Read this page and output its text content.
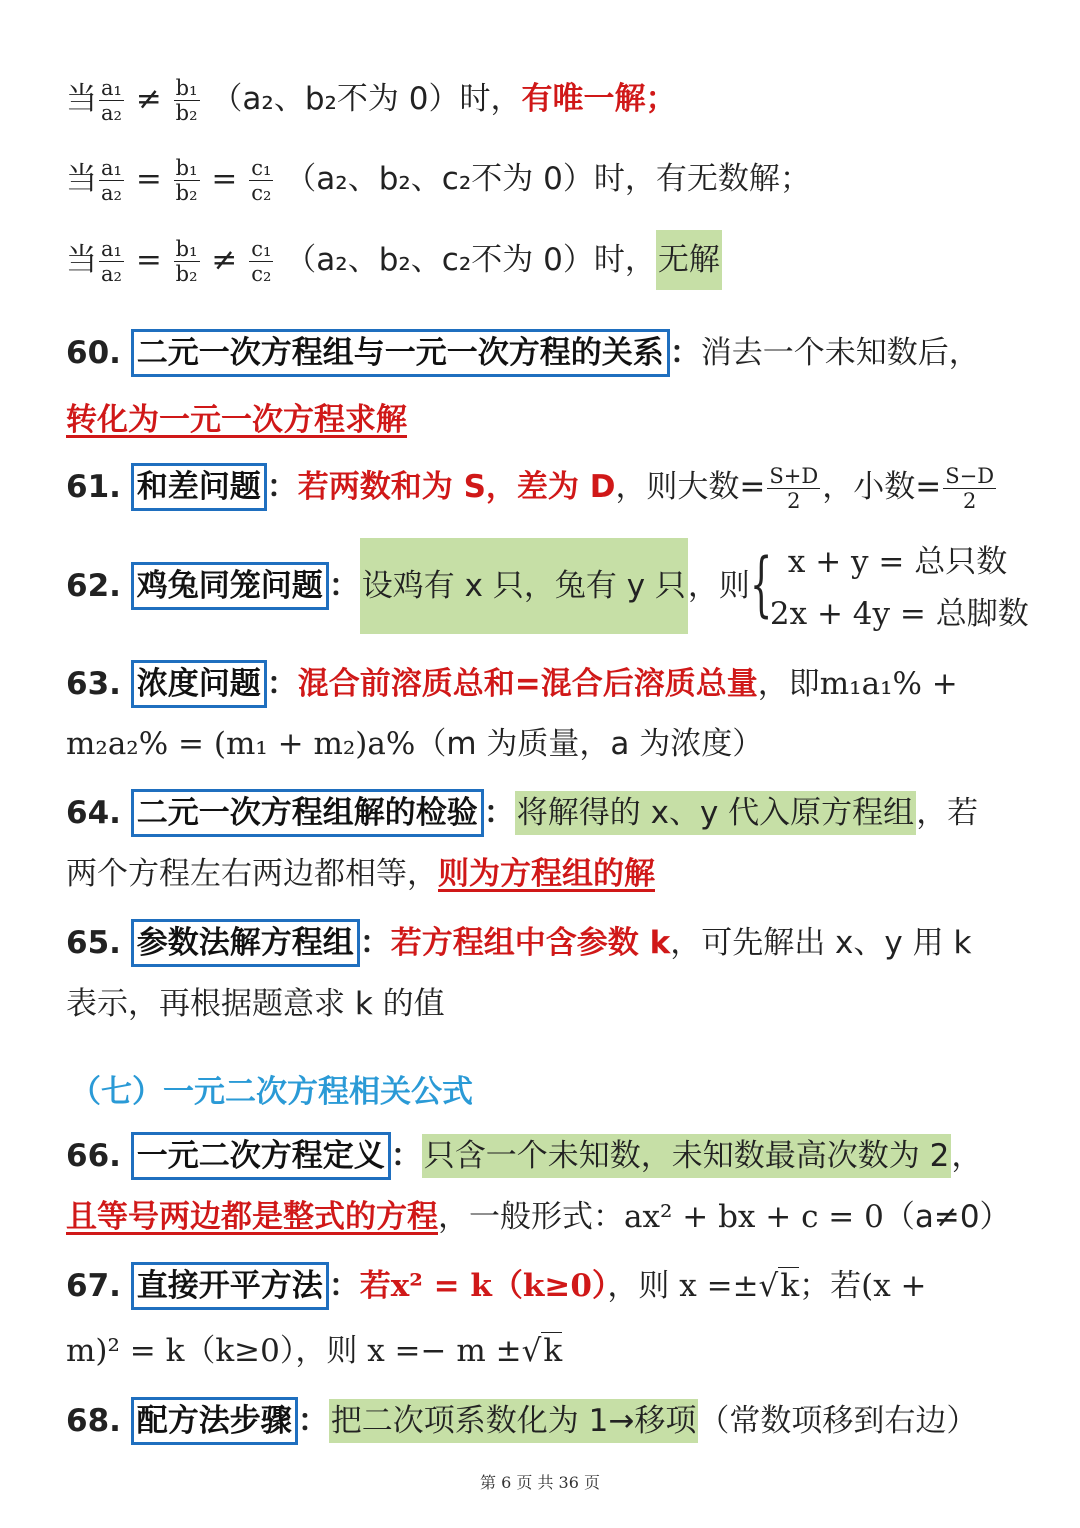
当 $\frac{\text{a₁}}{\text{a₂}} \ne \frac{\text{b₁}}{\text{b₂}} (a_2$、b₂不为 0）时，有唯一解；
当 $\frac{\text{a₁}}{\text{a₂}} = \frac{\text{b₁}}{\text{b₂}} = \frac{\text{c₁}}{\text{c₂}} (a_2$、b₂、c₂不为 0）时，有无数解；
当 $\frac{\text{a₁}}{\text{a₂}} = \frac{\text{b₁}}{\text{b₂}} \ne \frac{\text{c₁}}{\text{c₂}} (a_2$、b₂、c₂不为 0）时，无解
60. 二元一次方程组与一元一次方程的关系 ：消去一个未知数后，
转化为一元一次方程求解
61. 和差问题 ：若两数和为 S，差为 D，则大数= $\frac{S+D}{2}$ ，小数= $\frac{S-D}{2}$
62. 鸡兔同笼问题 ：设鸡有 x 只，兔有 y 只，则 { x + y = 总只数
2x + 4y = 总脚数
63. 浓度问题 ：混合前溶质总和=混合后溶质总量，即m₁a₁% +
m₂a₂% = (m₁ + m₂)a%（m 为质量，a 为浓度）
64. 二元一次方程组解的检验 ：将解得的 x、y 代入原方程组，若
两个方程左右两边都相等，则为方程组的解
65. 参数法解方程组 ：若方程组中含参数 k，可先解出 x、y 用 k
表示，再根据题意求 k 的值
（七）一元二次方程相关公式
66. 一元二次方程定义 ：只含一个未知数，未知数最高次数为 2，
且等号两边都是整式的方程，一般形式：ax² + bx + c = 0（a≠0）
67. 直接开平方法 ：若x² = k（k≥0），则 x =±√k；若(x +
m)² = k（k≥0），则 x =− m ±√k
68. 配方法步骤 ：把二次项系数化为 1→移项（常数项移到右边）
第 6 页 共 36 页
